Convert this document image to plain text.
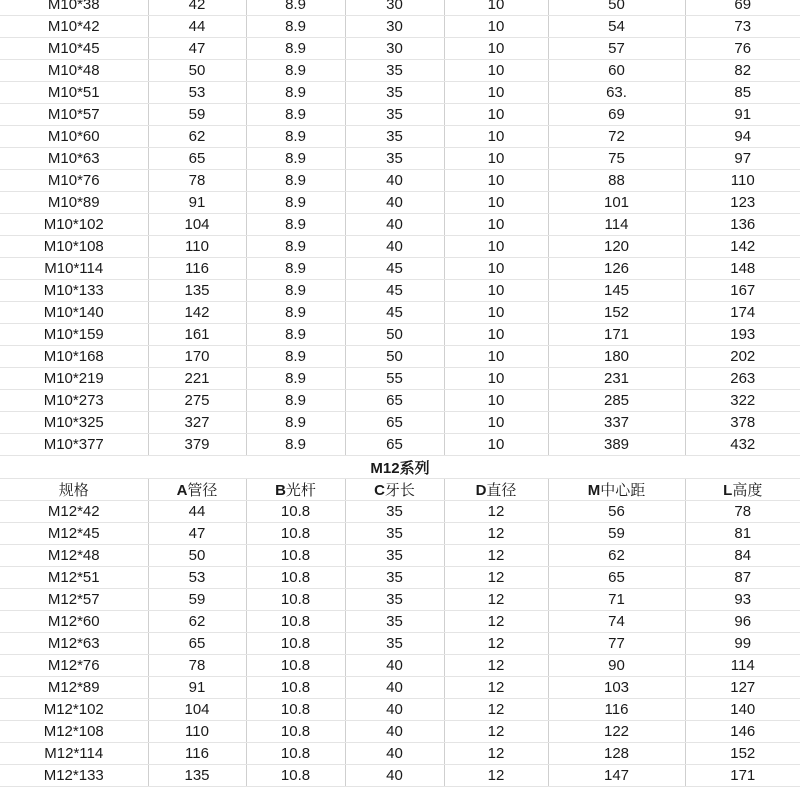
M10*38	42	8.9	30	10	50	69
M10*42	44	8.9	30	10	54	73
M10*45	47	8.9	30	10	57	76
M10*48	50	8.9	35	10	60	82
M10*51	53	8.9	35	10	63.	85
M10*57	59	8.9	35	10	69	91
M10*60	62	8.9	35	10	72	94
M10*63	65	8.9	35	10	75	97
M10*76	78	8.9	40	10	88	110
M10*89	91	8.9	40	10	101	123
M10*102	104	8.9	40	10	114	136
M10*108	110	8.9	40	10	120	142
M10*114	116	8.9	45	10	126	148
M10*133	135	8.9	45	10	145	167
M10*140	142	8.9	45	10	152	174
M10*159	161	8.9	50	10	171	193
M10*168	170	8.9	50	10	180	202
M10*219	221	8.9	55	10	231	263
M10*273	275	8.9	65	10	285	322
M10*325	327	8.9	65	10	337	378
M10*377	379	8.9	65	10	389	432
M12系列						
规格	A管径	B光杆	C牙长	D直径	M中心距	L高度
M12*42	44	10.8	35	12	56	78
M12*45	47	10.8	35	12	59	81
M12*48	50	10.8	35	12	62	84
M12*51	53	10.8	35	12	65	87
M12*57	59	10.8	35	12	71	93
M12*60	62	10.8	35	12	74	96
M12*63	65	10.8	35	12	77	99
M12*76	78	10.8	40	12	90	114
M12*89	91	10.8	40	12	103	127
M12*102	104	10.8	40	12	116	140
M12*108	110	10.8	40	12	122	146
M12*114	116	10.8	40	12	128	152
M12*133	135	10.8	40	12	147	171
